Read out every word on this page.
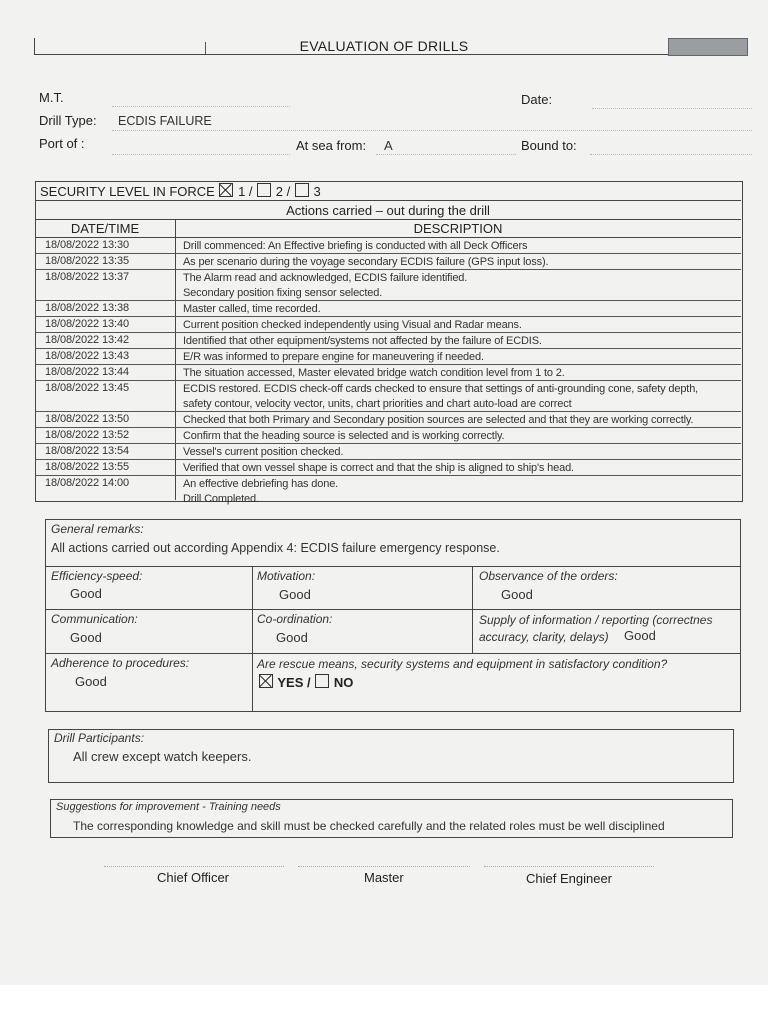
EVALUATION OF DRILLS
M.T.	Date:
Drill Type: ECDIS FAILURE
Port of :	At sea from: A	Bound to:
SECURITY LEVEL IN FORCE 1 / 2 / 3
Actions carried – out during the drill
DATE/TIME	DESCRIPTION
18/08/2022 13:30	Drill commenced: An Effective briefing is conducted with all Deck Officers
18/08/2022 13:35	As per scenario during the voyage secondary ECDIS failure (GPS input loss).
18/08/2022 13:37	The Alarm read and acknowledged, ECDIS failure identified.
Secondary position fixing sensor selected.
18/08/2022 13:38	Master called, time recorded.
18/08/2022 13:40	Current position checked independently using Visual and Radar means.
18/08/2022 13:42	Identified that other equipment/systems not affected by the failure of ECDIS.
18/08/2022 13:43	E/R was informed to prepare engine for maneuvering if needed.
18/08/2022 13:44	The situation accessed, Master elevated bridge watch condition level from 1 to 2.
18/08/2022 13:45	ECDIS restored. ECDIS check-off cards checked to ensure that settings of anti-grounding cone, safety depth,
safety contour, velocity vector, units, chart priorities and chart auto-load are correct
18/08/2022 13:50	Checked that both Primary and Secondary position sources are selected and that they are working correctly.
18/08/2022 13:52	Confirm that the heading source is selected and is working correctly.
18/08/2022 13:54	Vessel's current position checked.
18/08/2022 13:55	Verified that own vessel shape is correct and that the ship is aligned to ship's head.
18/08/2022 14:00	An effective debriefing has done.
Drill Completed.
General remarks:
All actions carried out according Appendix 4: ECDIS failure emergency response.
Efficiency-speed:
Good
Motivation:
Good
Observance of the orders:
Good
Communication:
Good
Co-ordination:
Good
Supply of information / reporting (correctnes
accuracy, clarity, delays) Good
Adherence to procedures:
Good
Are rescue means, security systems and equipment in satisfactory condition?
YES / NO
Drill Participants:
All crew except watch keepers.
Suggestions for improvement - Training needs
The corresponding knowledge and skill must be checked carefully and the related roles must be well disciplined
Chief Officer	Master	Chief Engineer
